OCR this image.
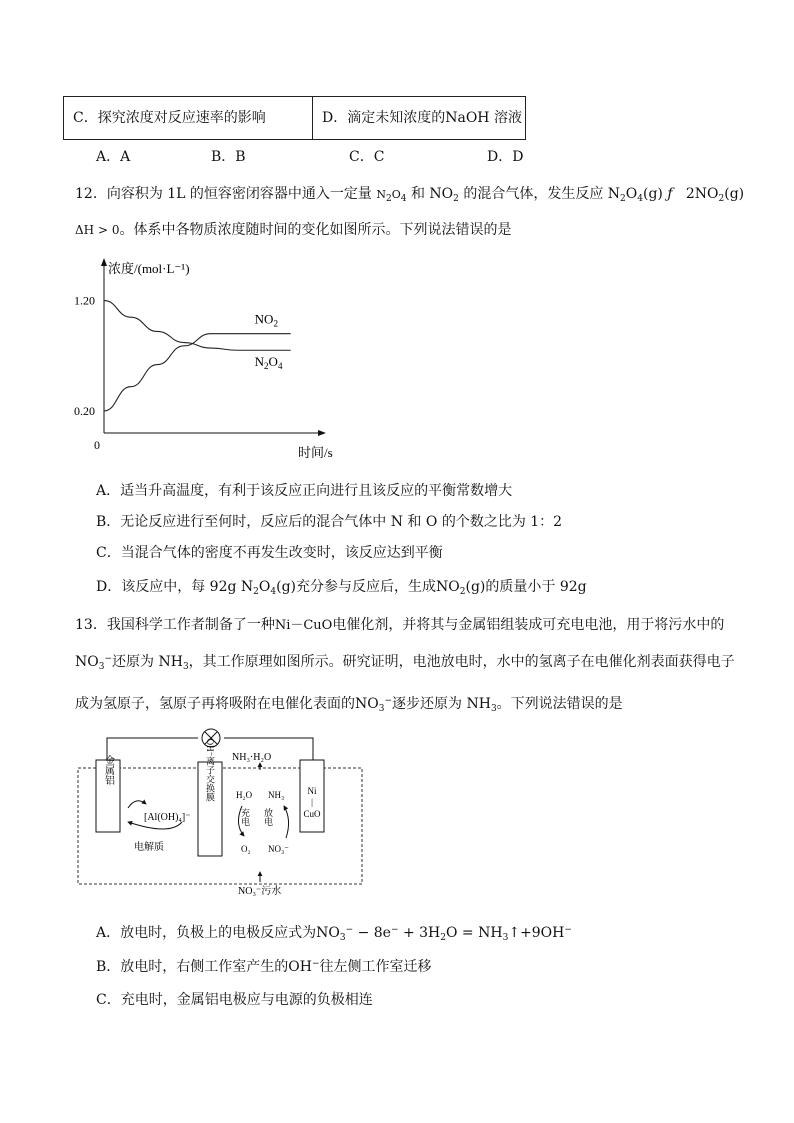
C．探究浓度对反应速率的影响	D．滴定未知浓度的NaOH 溶液
A．A	B．B	C．C	D．D
12．向容积为 1L 的恒容密闭容器中通入一定量 $N_2O_4$ 和 $NO_2$ 的混合气体，发生反应 $N_2O_4(g)$ ƒ $2NO_2(g)$
ΔH > 0。体系中各物质浓度随时间的变化如图所示。下列说法错误的是
浓度/(mol·L⁻¹)
时间/s
0
1.20
0.20
$NO_2$
$N_2O_4$
A．适当升高温度，有利于该反应正向进行且该反应的平衡常数增大
B．无论反应进行至何时，反应后的混合气体中 N 和 O 的个数之比为 1：2
C．当混合气体的密度不再发生改变时，该反应达到平衡
D．该反应中，每 92g $N_2O_4(g)$充分参与反应后，生成$NO_2(g)$的质量小于 92g
13．我国科学工作者制备了一种Ni－CuO电催化剂，并将其与金属铝组装成可充电电池，用于将污水中的
$NO_3^-$还原为 $NH_3$，其工作原理如图所示。研究证明，电池放电时，水中的氢离子在电催化剂表面获得电子
成为氢原子，氢原子再将吸附在电催化表面的$NO_3^-$逐步还原为 $NH_3$。下列说法错误的是
金属铝	OH⁻离子交换膜	Ni
|
CuO
[Al(OH)₄]⁻
电解质
NH₃·H₂O
H₂O NH₃
充电 放电
O₂ NO₃⁻
NO₃⁻污水
A．放电时，负极上的电极反应式为$NO_3^- - 8e^- + 3H_2O$ = $NH_3↑+9OH^-$
B．放电时，右侧工作室产生的OH−往左侧工作室迁移
C．充电时，金属铝电极应与电源的负极相连
